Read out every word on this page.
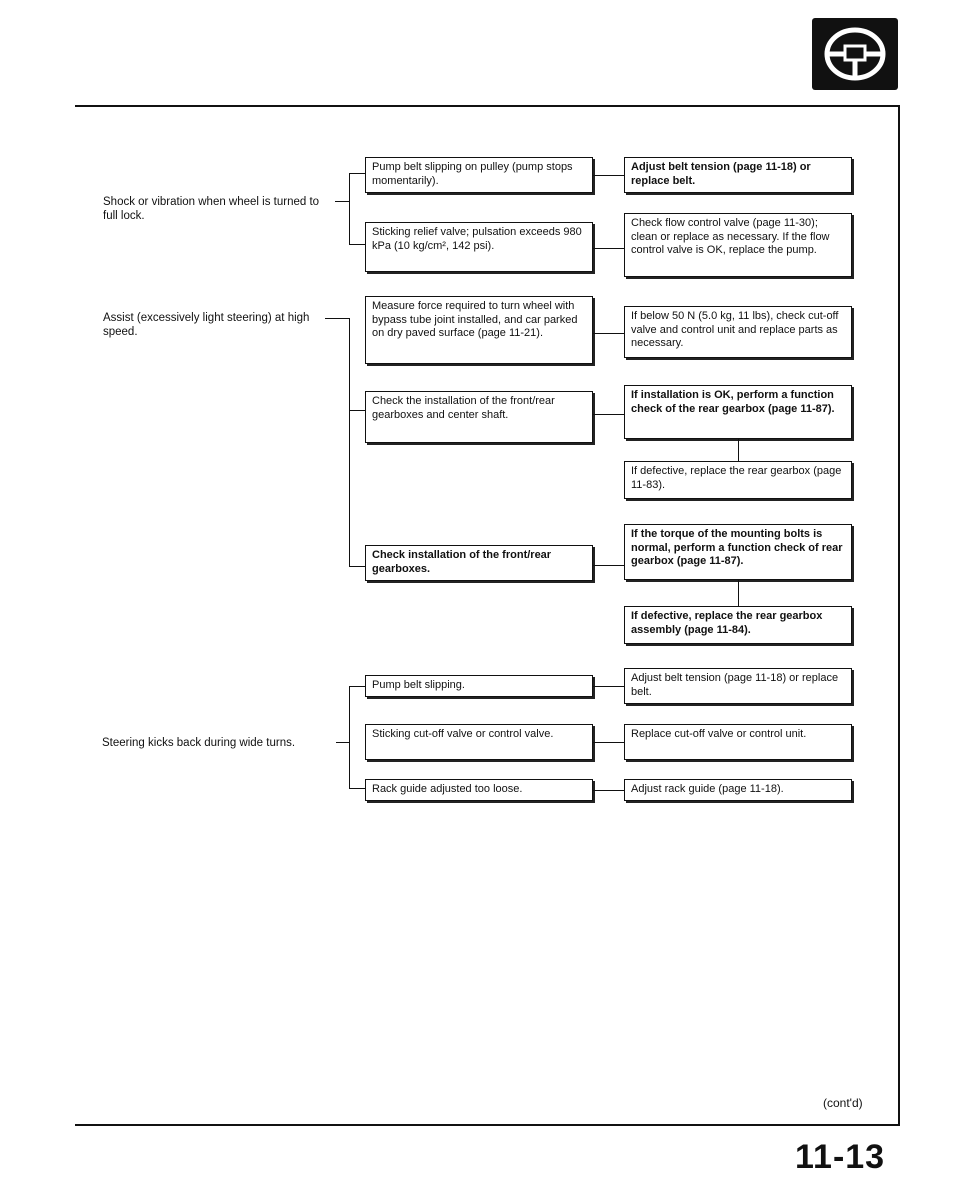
Shock or vibration when wheel is turned to full lock.
Pump belt slipping on pulley (pump stops momentarily).
Sticking relief valve; pulsation exceeds 980 kPa (10 kg/cm², 142 psi).
Adjust belt tension (page 11-18) or replace belt.
Check flow control valve (page 11-30); clean or replace as necessary. If the flow control valve is OK, replace the pump.
Assist (excessively light steering) at high speed.
Measure force required to turn wheel with bypass tube joint installed, and car parked on dry paved surface (page 11-21).
Check the installation of the front/rear gearboxes and center shaft.
Check installation of the front/rear gearboxes.
If below 50 N (5.0 kg, 11 lbs), check cut-off valve and control unit and replace parts as necessary.
If installation is OK, perform a function check of the rear gearbox (page 11-87).
If defective, replace the rear gearbox (page 11-83).
If the torque of the mounting bolts is normal, perform a function check of rear gearbox (page 11-87).
If defective, replace the rear gearbox assembly (page 11-84).
Steering kicks back during wide turns.
Pump belt slipping.
Sticking cut-off valve or control valve.
Rack guide adjusted too loose.
Adjust belt tension (page 11-18) or replace belt.
Replace cut-off valve or control unit.
Adjust rack guide (page 11-18).
(cont'd)
11-13
